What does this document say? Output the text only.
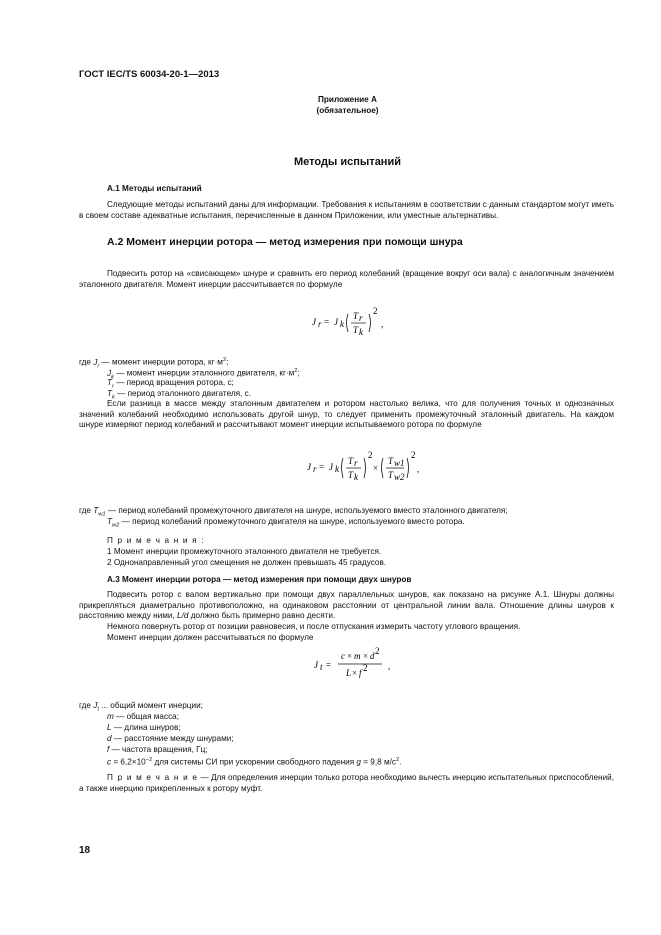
ГОСТ IEC/TS 60034-20-1—2013
Приложение А
(обязательное)
Методы испытаний
А.1 Методы испытаний
Следующие методы испытаний даны для информации. Требования к испытаниям в соответствии с данным стандартом могут иметь в своем составе адекватные испытания, перечисленные в данном Приложении, или уместные альтернативы.
А.2 Момент инерции ротора — метод измерения при помощи шнура
Подвесить ротор на «свисающем» шнуре и сравнить его период колебаний (вращение вокруг оси вала) с аналогичным значением эталонного двигателя. Момент инерции рассчитывается по формуле
J r = J k
T r
T k
2
,
где $J_r$ — момент инерции ротора, $кг\cdot м^2$;
$J_k$ — момент инерции эталонного двигателя, $кг\cdot м^2$;
$T_r$ — период вращения ротора, с;
$T_k$ — период эталонного двигателя, с.
Если разница в массе между эталонным двигателем и ротором настолько велика, что для получения точных и однозначных значений колебаний необходимо использовать другой шнур, то следует применить промежуточный эталонный двигатель. На каждом шнуре измеряют период колебаний и рассчитывают момент инерции испытываемого ротора по формуле
J r = J k
T r
T k
2
×
T w1
T w2
2
,
где $T_{w1}$ — период колебаний промежуточного двигателя на шнуре, используемого вместо эталонного двигателя;
$T_{w2}$ — период колебаний промежуточного двигателя на шнуре, используемого вместо ротора.
П р и м е ч а н и я :
1 Момент инерции промежуточного эталонного двигателя не требуется.
2 Однонаправленный угол смещения не должен превышать 45 градусов.
А.3 Момент инерции ротора — метод измерения при помощи двух шнуров
Подвесить ротор с валом вертикально при помощи двух параллельных шнуров, как показано на рисунке А.1. Шнуры должны прикрепляться диаметрально противоположно, на одинаковом расстоянии от центральной линии вала. Отношение длины шнуров к расстоянию между ними, L/d должно быть примерно равно десяти.
Немного повернуть ротор от позиции равновесия, и после отпускания измерить частоту углового вращения.
Момент инерции должен рассчитываться по формуле
J t =
c × m × d 2
L × f 2 ,
где $J_t$ ... общий момент инерции;
m — общая масса;
L — длина шнуров;
d — расстояние между шнурами;
f — частота вращения, Гц;
$c = 6,2\times 10^{-2}$ для системы СИ при ускорении свободного падения g = 9,8 $м/с^2$.
П р и м е ч а н и е — Для определения инерции только ротора необходимо вычесть инерцию испытательных приспособлений, а также инерцию прикрепленных к ротору муфт.
18
